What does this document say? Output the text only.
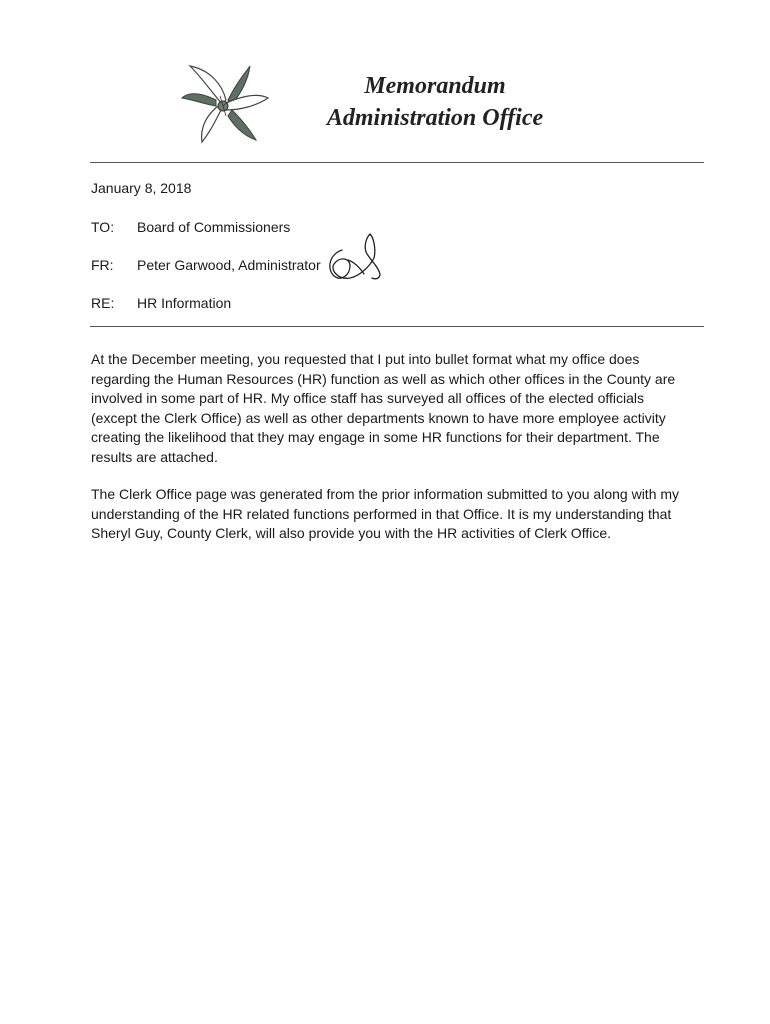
Memorandum
Administration Office
January 8, 2018
TO: Board of Commissioners
FR: Peter Garwood, Administrator
RE: HR Information
At the December meeting, you requested that I put into bullet format what my office does regarding the Human Resources (HR) function as well as which other offices in the County are involved in some part of HR. My office staff has surveyed all offices of the elected officials (except the Clerk Office) as well as other departments known to have more employee activity creating the likelihood that they may engage in some HR functions for their department. The results are attached.
The Clerk Office page was generated from the prior information submitted to you along with my understanding of the HR related functions performed in that Office. It is my understanding that Sheryl Guy, County Clerk, will also provide you with the HR activities of Clerk Office.
